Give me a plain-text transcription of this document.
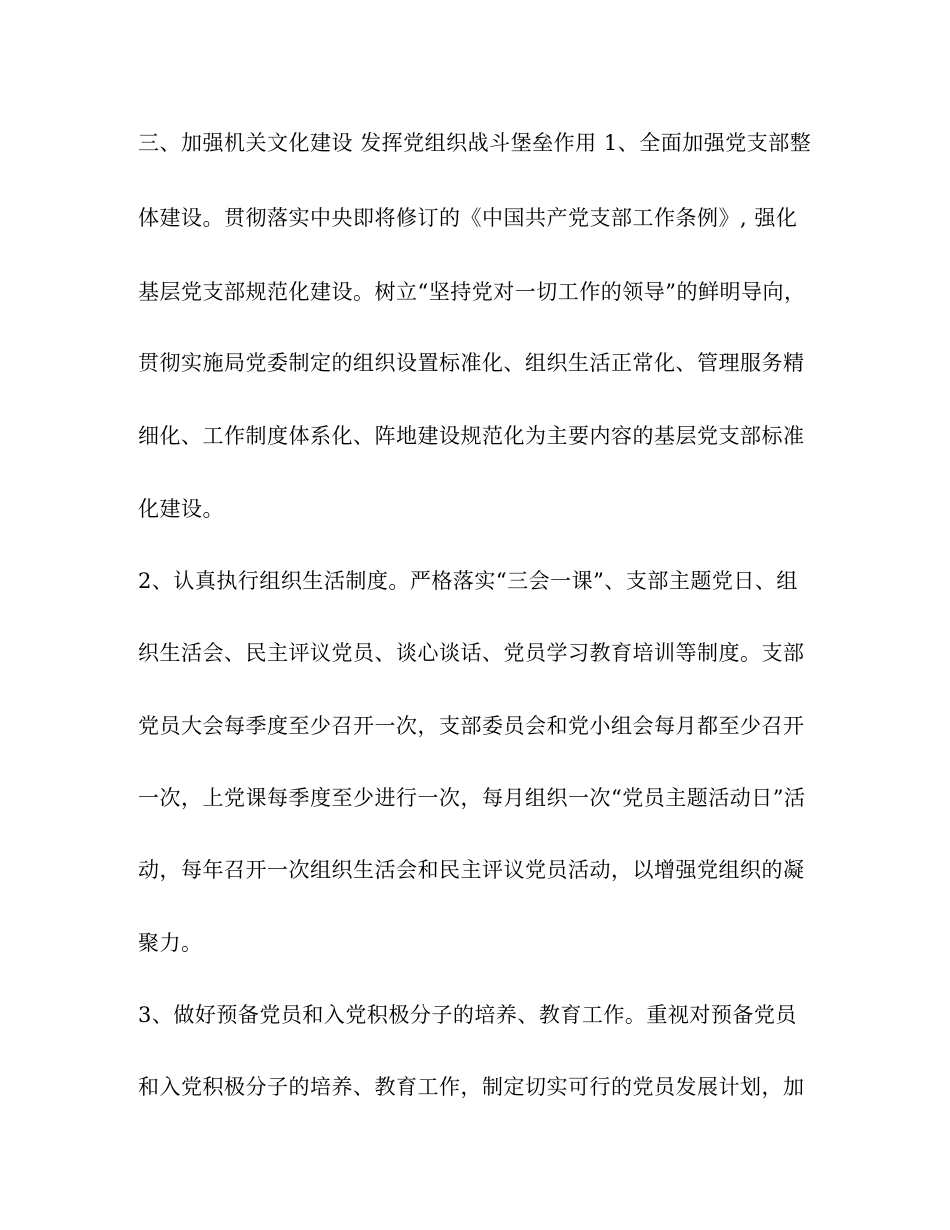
三、加强机关文化建设 发挥党组织战斗堡垒作用 1、全面加强党支部整
体建设。贯彻落实中央即将修订的《中国共产党支部工作条例》, 强化
基层党支部规范化建设。树立“坚持党对一切工作的领导”的鲜明导向，
贯彻实施局党委制定的组织设置标准化、组织生活正常化、管理服务精
细化、工作制度体系化、阵地建设规范化为主要内容的基层党支部标准
化建设。
2、认真执行组织生活制度。严格落实“三会一课”、支部主题党日、组
织生活会、民主评议党员、谈心谈话、党员学习教育培训等制度。支部
党员大会每季度至少召开一次，支部委员会和党小组会每月都至少召开
一次，上党课每季度至少进行一次，每月组织一次“党员主题活动日”活
动，每年召开一次组织生活会和民主评议党员活动，以增强党组织的凝
聚力。
3、做好预备党员和入党积极分子的培养、教育工作。重视对预备党员
和入党积极分子的培养、教育工作，制定切实可行的党员发展计划，加
